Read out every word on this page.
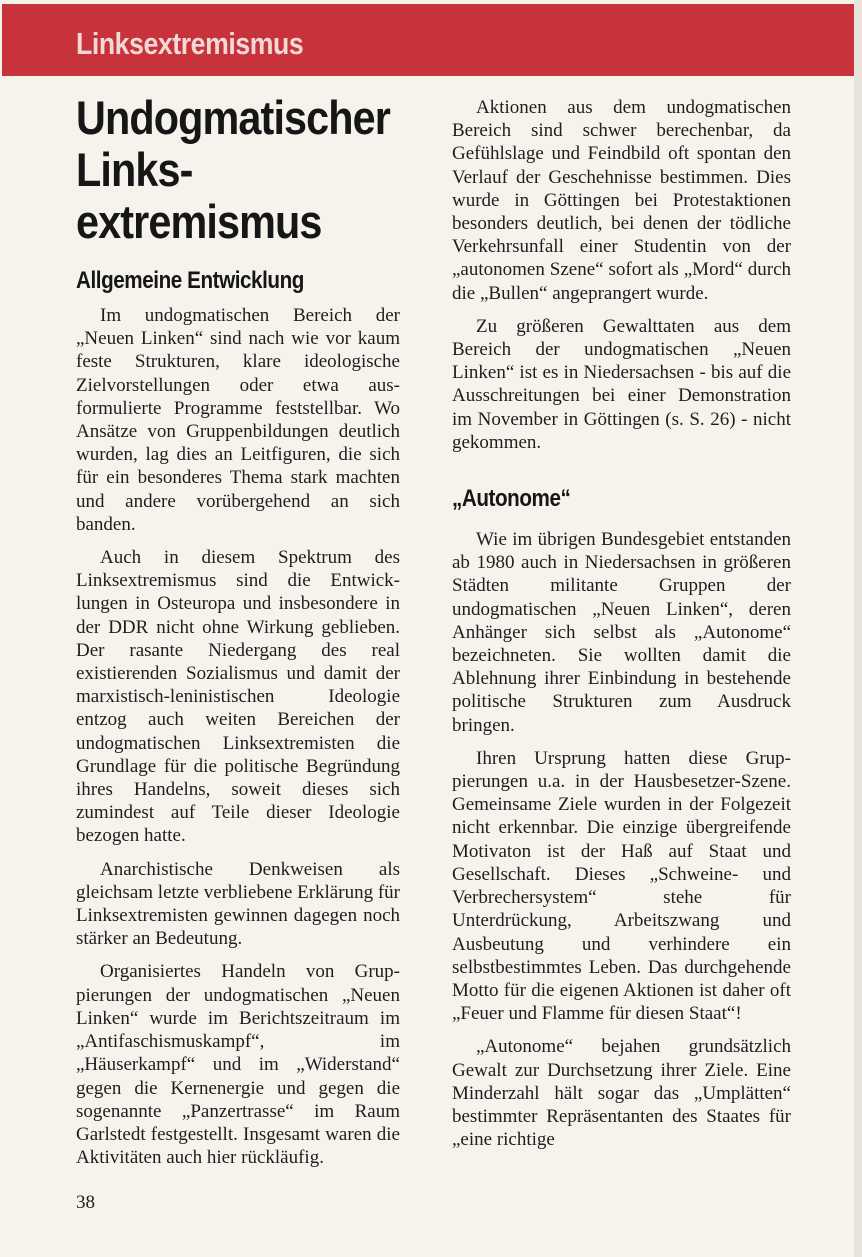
Linksextremismus
Undogmatischer
Links-
extremismus
Allgemeine Entwicklung

Im undogmatischen Bereich der „Neuen Linken“ sind nach wie vor kaum feste Strukturen, klare ideologische Zielvorstellungen oder etwa ausformulierte Programme feststellbar. Wo Ansätze von Gruppenbildungen deutlich wurden, lag dies an Leitfiguren, die sich für ein besonderes Thema stark machten und andere vorübergehend an sich banden.

Auch in diesem Spektrum des Linksextremismus sind die Entwicklungen in Osteuropa und insbesondere in der DDR nicht ohne Wirkung geblieben. Der rasante Niedergang des real existierenden Sozialismus und damit der marxistisch-leninistischen Ideologie entzog auch weiten Bereichen der undogmatischen Linksextremisten die Grundlage für die politische Begründung ihres Handelns, soweit dieses sich zumindest auf Teile dieser Ideologie bezogen hatte.

Anarchistische Denkweisen als gleichsam letzte verbliebene Erklärung für Linksextremisten gewinnen dagegen noch stärker an Bedeutung.

Organisiertes Handeln von Gruppierungen der undogmatischen „Neuen Linken“ wurde im Berichtszeitraum im „Antifaschismuskampf“, im „Häuserkampf“ und im „Widerstand“ gegen die Kernenergie und gegen die sogenannte „Panzertrasse“ im Raum Garlstedt festgestellt. Insgesamt waren die Aktivitäten auch hier rückläufig.

Aktionen aus dem undogmatischen Bereich sind schwer berechenbar, da Gefühlslage und Feindbild oft spontan den Verlauf der Geschehnisse bestimmen. Dies wurde in Göttingen bei Protestaktionen besonders deutlich, bei denen der tödliche Verkehrsunfall einer Studentin von der „autonomen Szene“ sofort als „Mord“ durch die „Bullen“ angeprangert wurde.

Zu größeren Gewalttaten aus dem Bereich der undogmatischen „Neuen Linken“ ist es in Niedersachsen - bis auf die Ausschreitungen bei einer Demonstration im November in Göttingen (s. S. 26) - nicht gekommen.

„Autonome“

Wie im übrigen Bundesgebiet entstanden ab 1980 auch in Niedersachsen in größeren Städten militante Gruppen der undogmatischen „Neuen Linken“, deren Anhänger sich selbst als „Autonome“ bezeichneten. Sie wollten damit die Ablehnung ihrer Einbindung in bestehende politische Strukturen zum Ausdruck bringen.

Ihren Ursprung hatten diese Gruppierungen u.a. in der Hausbesetzer-Szene. Gemeinsame Ziele wurden in der Folgezeit nicht erkennbar. Die einzige übergreifende Motivaton ist der Haß auf Staat und Gesellschaft. Dieses „Schweine- und Verbrechersystem“ stehe für Unterdrückung, Arbeitszwang und Ausbeutung und verhindere ein selbstbestimmtes Leben. Das durchgehende Motto für die eigenen Aktionen ist daher oft „Feuer und Flamme für diesen Staat“!

„Autonome“ bejahen grundsätzlich Gewalt zur Durchsetzung ihrer Ziele. Eine Minderzahl hält sogar das „Umplätten“ bestimmter Repräsentanten des Staates für „eine richtige

38
